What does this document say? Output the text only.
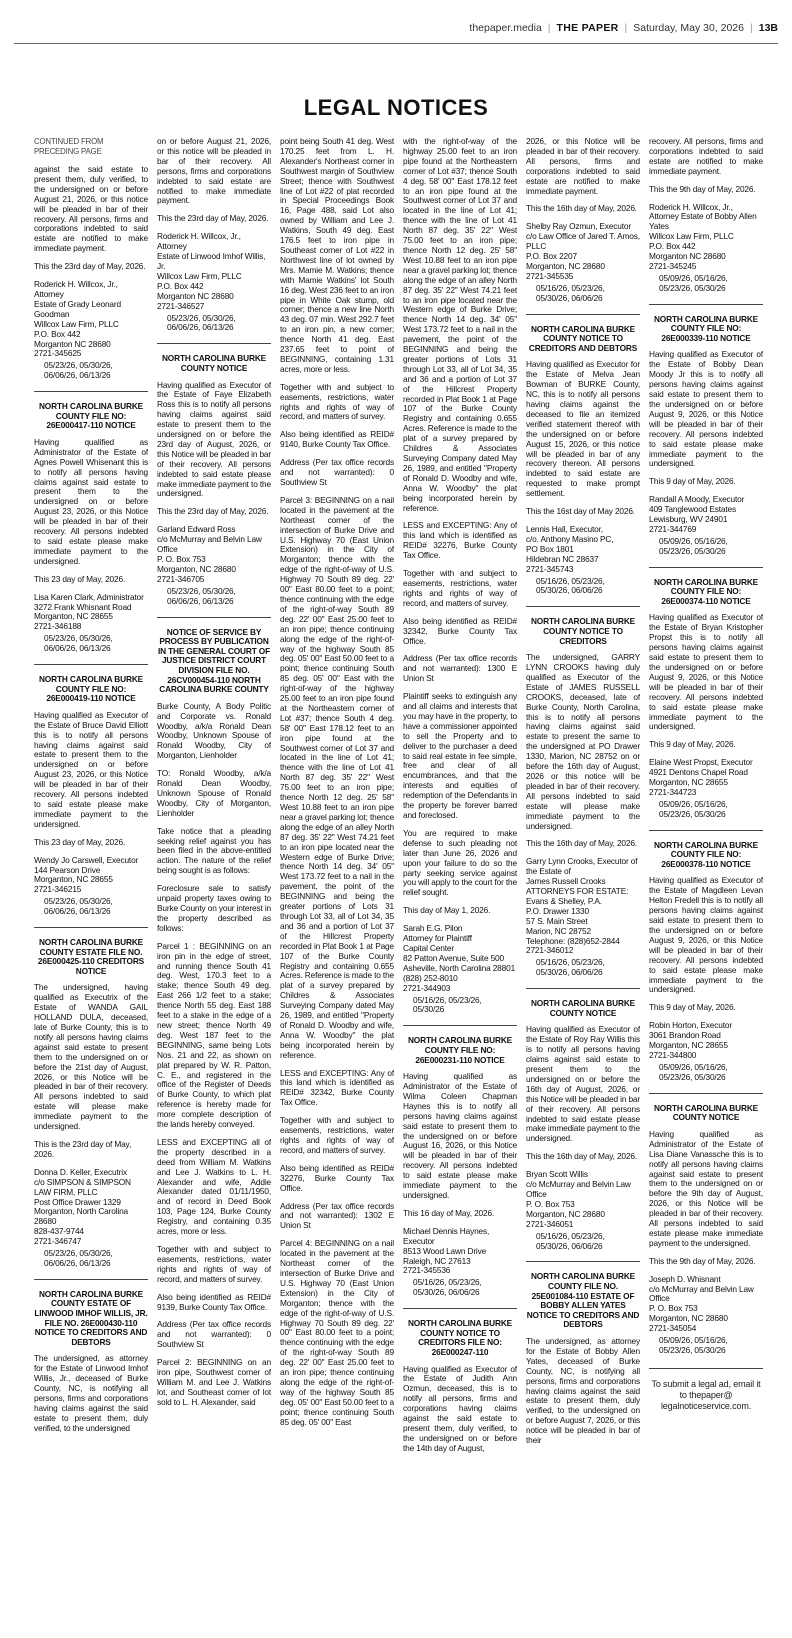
thepaper.media | THE PAPER | Saturday, May 30, 2026 | 13B
LEGAL NOTICES
CONTINUED FROM PRECEDING PAGE

against the said estate to present them, duly verified, to the undersigned on or before August 21, 2026, or this notice will be pleaded in bar of their recovery. All persons, firms and corporations indebted to said estate are notified to make immediate payment.

This the 23rd day of May, 2026.

Roderick H. Willcox, Jr., Attorney
Estate of Grady Leonard Goodman
Willcox Law Firm, PLLC
P.O. Box 442
Morganton NC 28680
2721-345625
05/23/26, 05/30/26,
06/06/26, 06/13/26
NORTH CAROLINA BURKE COUNTY FILE NO: 26E000417-110 NOTICE

Having qualified as Administrator of the Estate of Agnes Powell Whisenant this is to notify all persons having claims against said estate to present them to the undersigned on or before August 23, 2026, or this Notice will be pleaded in bar of their recovery. All persons indebted to said estate please make immediate payment to the undersigned.

This 23 day of May, 2026.

Lisa Karen Clark, Administrator
3272 Frank Whisnant Road
Morganton, NC 28655
2721-346188
05/23/26, 05/30/26,
06/06/26, 06/13/26
NORTH CAROLINA BURKE COUNTY FILE NO: 26E000419-110 NOTICE

Having qualified as Executor of the Estate of Bruce David Elliott this is to notify all persons having claims against said estate to present them to the undersigned on or before August 23, 2026, or this Notice will be pleaded in bar of their recovery. All persons indebted to said estate please make immediate payment to the undersigned.

This 23 day of May, 2026.

Wendy Jo Carswell, Executor
144 Pearson Drive
Morganton, NC 28655
2721-346215
05/23/26, 05/30/26,
06/06/26, 06/13/26
NORTH CAROLINA BURKE COUNTY ESTATE FILE NO. 26E000425-110 CREDITORS NOTICE

The undersigned, having qualified as Executrix of the Estate of WANDA GAIL HOLLAND DULA, deceased, late of Burke County, this is to notify all persons having claims against said estate to present them to the undersigned on or before the 21st day of August, 2026, or this Notice will be pleaded in bar of their recovery. All persons indebted to said estate will please make immediate payment to the undersigned.

This is the 23rd day of May, 2026.

Donna D. Keller, Executrix
c/o SIMPSON & SIMPSON LAW FIRM, PLLC
Post Office Drawer 1329
Morganton, North Carolina 28680
828-437-9744
2721-346747
05/23/26, 05/30/26,
06/06/26, 06/13/26
NORTH CAROLINA BURKE COUNTY ESTATE OF LINWOOD IMHOF WILLIS, JR. FILE NO. 26E000430-110 NOTICE TO CREDITORS AND DEBTORS

The undersigned, as attorney for the Estate of Linwood Imhof Willis, Jr., deceased of Burke County, NC, is notifying all persons, firms and corporations having claims against the said estate to present them, duly verified, to the undersigned

on or before August 21, 2026, or this notice will be pleaded in bar of their recovery. All persons, firms and corporations indebted to said estate are notified to make immediate payment.

This the 23rd day of May, 2026.

Roderick H. Willcox, Jr., Attorney
Estate of Linwood Imhof Willis, Jr.
Willcox Law Firm, PLLC
P.O. Box 442
Morganton NC 28680
2721-346527
05/23/26, 05/30/26,
06/06/26, 06/13/26
NORTH CAROLINA BURKE COUNTY NOTICE

Having qualified as Executor of the Estate of Faye Elizabeth Ross this is to notify all persons having claims against said estate to present them to the undersigned on or before the 23rd day of August, 2026, or this Notice will be pleaded in bar of their recovery. All persons indebted to said estate please make immediate payment to the undersigned.

This the 23rd day of May, 2026.

Garland Edward Ross
c/o McMurray and Belvin Law Office
P. O. Box 753
Morganton, NC 28680
2721-346705
05/23/26, 05/30/26,
06/06/26, 06/13/26
NOTICE OF SERVICE BY PROCESS BY PUBLICATION IN THE GENERAL COURT OF JUSTICE DISTRICT COURT DIVISION FILE NO. 26CV000454-110 NORTH CAROLINA BURKE COUNTY

Burke County, A Body Politic and Corporate vs. Ronald Woodby, a/k/a Ronald Dean Woodby, Unknown Spouse of Ronald Woodby, City of Morganton, Lienholder

TO: Ronald Woodby, a/k/a Ronald Dean Woodby, Unknown Spouse of Ronald Woodby, City of Morganton, Lienholder

Take notice that a pleading seeking relief against you has been filed in the above-entitled action. The nature of the relief being sought is as follows:

Foreclosure sale to satisfy unpaid property taxes owing to Burke County on your interest in the property described as follows:

Parcel 1 : BEGINNING on an iron pin in the edge of street, and running thence South 41 deg. West, 170.3 feet to a stake; thence South 49 deg. East 266 1/2 feet to a stake; thence North 55 deg. East 188 feet to a stake in the edge of a new street; thence North 49 deg. West 187 feet to the BEGINNING, same being Lots Nos. 21 and 22, as shown on plat prepared by W. R. Patton, C. E., and registered in the office of the Register of Deeds of Burke County, to which plat reference is hereby made for more complete description of the lands hereby conveyed.

LESS and EXCEPTING all of the property described in a deed from William M. Watkins and Lee J. Watkins to L. H. Alexander and wife, Addie Alexander dated 01/11/1950, and of record in Deed Book 103, Page 124, Burke County Registry, and containing 0.35 acres, more or less.

Together with and subject to easements, restrictions, water rights and rights of way of record, and matters of survey.

Also being identified as REID# 9139, Burke County Tax Office.

Address (Per tax office records and not warranted): 0 Southview St

Parcel 2: BEGINNING on an iron pipe, Southwest corner of William M. and Lee J. Watkins lot, and Southeast corner of lot sold to L. H. Alexander, said

point being South 41 deg. West 170.25 feet from L. H. Alexander's Northeast corner in Southwest margin of Southview Street; thence with Southwest line of Lot #22 of plat recorded in Special Proceedings Book 16, Page 488, said Lot also owned by William and Lee J. Watkins, South 49 deg. East 176.5 feet to iron pipe in Southeast corner of Lot #22 in Northwest line of lot owned by Mrs. Mamie M. Watkins; thence with Mamie Watkins' lot South 16 deg. West 236 feet to an iron pipe in White Oak stump, old corner; thence a new line North 43 deg. 07 min. West 292.7 feet to an iron pin, a new corner; thence North 41 deg. East 237.65 feet to point of BEGINNING, containing 1.31 acres, more or less.

Together with and subject to easements, restrictions, water rights and rights of way of record, and matters of survey.

Also being identified as REID# 9140, Burke County Tax Office.

Address (Per tax office records and not warranted): 0 Southview St

Parcel 3: BEGINNING on a nail located in the pavement at the Northeast corner of the intersection of Burke Drive and U.S. Highway 70 (East Union Extension) in the City of Morganton; thence with the edge of the right-of-way of U.S. Highway 70 South 89 deg. 22' 00" East 80.00 feet to a point; thence continuing with the edge of the right-of-way South 89 deg. 22' 00" East 25.00 feet to an iron pipe; thence continuing along the edge of the right-of-way of the highway South 85 deg. 05' 00" East 50.00 feet to a point; thence continuing South 85 deg. 05' 00" East with the right-of-way of the highway 25.00 feet to an iron pipe found at the Northeastern corner of Lot #37; thence South 4 deg. 58' 00" East 178.12 feet to an iron pipe found at the Southwest corner of Lot 37 and located in the line of Lot 41; thence with the line of Lot 41 North 87 deg. 35' 22" West 75.00 feet to an iron pipe; thence North 12 deg. 25' 58" West 10.88 feet to an iron pipe near a gravel parking lot; thence along the edge of an alley North 87 deg. 35' 22" West 74.21 feet to an iron pipe located near the Western edge of Burke Drive; thence North 14 deg. 34' 05" West 173.72 feet to a nail in the pavement, the point of the BEGINNING and being the greater portions of Lots 31 through Lot 33, all of Lot 34, 35 and 36 and a portion of Lot 37 of the Hillcrest Property recorded in Plat Book 1 at Page 107 of the Burke County Registry and containing 0.655 Acres. Reference is made to the plat of a survey prepared by Childres & Associates Surveying Company dated May 26, 1989, and entitled "Property of Ronald D. Woodby and wife, Anna W. Woodby" the plat being incorporated herein by reference.

LESS and EXCEPTING: Any of this land which is identified as REID# 32342, Burke County Tax Office.

Together with and subject to easements, restrictions, water rights and rights of way of record, and matters of survey.

Also being identified as REID# 32276, Burke County Tax Office.

Address (Per tax office records and not warranted): 1302 E Union St

Parcel 4: BEGINNING on a nail located in the pavement at the Northeast corner of the intersection of Burke Drive and U.S. Highway 70 (East Union Extension) in the City of Morganton; thence with the edge of the right-of-way of U.S. Highway 70 South 89 deg. 22' 00" East 80.00 feet to a point; thence continuing with the edge of the right-of-way South 89 deg. 22' 00" East 25.00 feet to an iron pipe; thence continuing along the edge of the right-of-way of the highway South 85 deg. 05' 00" East 50.00 feet to a point; thence continuing South 85 deg. 05' 00" East

with the right-of-way of the highway 25.00 feet to an iron pipe found at the Northeastern corner of Lot #37; thence South 4 deg. 58' 00" East 178.12 feet to an iron pipe found at the Southwest corner of Lot 37 and located in the line of Lot 41; thence with the line of Lot 41 North 87 deg. 35' 22" West 75.00 feet to an iron pipe; thence North 12 deg. 25' 58" West 10.88 feet to an iron pipe near a gravel parking lot; thence along the edge of an alley North 87 deg. 35' 22" West 74.21 feet to an iron pipe located near the Western edge of Burke Drive; thence North 14 deg. 34' 05" West 173.72 feet to a nail in the pavement, the point of the BEGINNING and being the greater portions of Lots 31 through Lot 33, all of Lot 34, 35 and 36 and a portion of Lot 37 of the Hillcrest Property recorded in Plat Book 1 at Page 107 of the Burke County Registry and containing 0.655 Acres. Reference is made to the plat of a survey prepared by Childres & Associates Surveying Company dated May 26, 1989, and entitled "Property of Ronald D. Woodby and wife, Anna W. Woodby" the plat being incorporated herein by reference.

LESS and EXCEPTING: Any of this land which is identified as REID# 32276, Burke County Tax Office.

Together with and subject to easements, restrictions, water rights and rights of way of record, and matters of survey.

Also being identified as REID# 32342, Burke County Tax Office.

Address (Per tax office records and not warranted): 1300 E Union St

Plaintiff seeks to extinguish any and all claims and interests that you may have in the property, to have a commissioner appointed to sell the Property and to deliver to the purchaser a deed to said real estate in fee simple, free and clear of all encumbrances, and that the interests and equities of redemption of the Defendants in the property be forever barred and foreclosed.

You are required to make defense to such pleading not later than June 26, 2026 and upon your failure to do so the party seeking service against you will apply to the court for the relief sought.

This day of May 1, 2026.

Sarah E.G. Pilon
Attorney for Plaintiff
Capital Center
82 Patton Avenue, Suite 500
Asheville, North Carolina 28801
(828) 252-8010
2721-344903
05/16/26, 05/23/26,
05/30/26
NORTH CAROLINA BURKE COUNTY FILE NO: 26E000231-110 NOTICE

Having qualified as Administrator of the Estate of Wilma Coleen Chapman Haynes this is to notify all persons having claims against said estate to present them to the undersigned on or before August 16, 2026, or this Notice will be pleaded in bar of their recovery. All persons indebted to said estate please make immediate payment to the undersigned.

This 16 day of May, 2026.

Michael Dennis Haynes, Executor
8513 Wood Lawn Drive
Raleigh, NC 27613
2721-345536
05/16/26, 05/23/26,
05/30/26, 06/06/26
NORTH CAROLINA BURKE COUNTY NOTICE TO CREDITORS FILE NO: 26E000247-110

Having qualified as Executor of the Estate of Judith Ann Ozmun, deceased, this is to notify all persons, firms and corporations having claims against the said estate to present them, duly verified, to the undersigned on or before the 14th day of August,

2026, or this Notice will be pleaded in bar of their recovery. All persons, firms and corporations indebted to said estate are notified to make immediate payment.

This the 16th day of May, 2026.

Shelby Ray Ozmun, Executor
c/o Law Office of Jared T. Amos, PLLC
P.O. Box 2207
Morganton, NC 28680
2721-345535
05/16/26, 05/23/26,
05/30/26, 06/06/26
NORTH CAROLINA BURKE COUNTY NOTICE TO CREDITORS AND DEBTORS

Having qualified as Executor for the Estate of Melva Jean Bowman of BURKE County, NC, this is to notify all persons having claims against the deceased to file an itemized verified statement thereof with the undersigned on or before August 15, 2026, or this notice will be pleaded in bar of any recovery thereon. All persons indebted to said estate are requested to make prompt settlement.

This the 16st day of May 2026.

Lennis Hall, Executor,
c/o. Anthony Masino PC,
PO Box 1801
Hildebran NC 28637
2721-345743
05/16/26, 05/23/26,
05/30/26, 06/06/26
NORTH CAROLINA BURKE COUNTY NOTICE TO CREDITORS

The undersigned, GARRY LYNN CROOKS having duly qualified as Executor of the Estate of JAMES RUSSELL CROOKS, deceased, late of Burke County, North Carolina, this is to notify all persons having claims against said estate to present the same to the undersigned at PO Drawer 1330, Marion, NC 28752 on or before the 16th day of August, 2026 or this notice will be pleaded in bar of their recovery. All persons indebted to said estate will please make immediate payment to the undersigned.

This the 16th day of May, 2026.

Garry Lynn Crooks, Executor of the Estate of
James Russell Crooks
ATTORNEYS FOR ESTATE:
Evans & Shelley, P.A.
P.O. Drawer 1330
57 S. Main Street
Marion, NC 28752
Telephone: (828)652-2844
2721-346012
05/16/26, 05/23/26,
05/30/26, 06/06/26
NORTH CAROLINA BURKE COUNTY NOTICE

Having qualified as Executor of the Estate of Roy Ray Willis this is to notify all persons having claims against said estate to present them to the undersigned on or before the 16th day of August, 2026, or this Notice will be pleaded in bar of their recovery. All persons indebted to said estate please make immediate payment to the undersigned.

This the 16th day of May, 2026.

Bryan Scott Willis
c/o McMurray and Belvin Law Office
P. O. Box 753
Morganton, NC 28680
2721-346051
05/16/26, 05/23/26,
05/30/26, 06/06/26
NORTH CAROLINA BURKE COUNTY FILE NO. 25E001084-110 ESTATE OF BOBBY ALLEN YATES NOTICE TO CREDITORS AND DEBTORS

The undersigned, as attorney for the Estate of Bobby Allen Yates, deceased of Burke County, NC, is notifying all persons, firms and corporations having claims against the said estate to present them, duly verified, to the undersigned on or before August 7, 2026, or this notice will be pleaded in bar of their

recovery. All persons, firms and corporations indebted to said estate are notified to make immediate payment.

This the 9th day of May, 2026.

Roderick H. Willcox, Jr., Attorney Estate of Bobby Allen Yates
Willcox Law Firm, PLLC
P.O. Box 442
Morganton NC 28680
2721-345245
05/09/26, 05/16/26,
05/23/26, 05/30/26
NORTH CAROLINA BURKE COUNTY FILE NO: 26E000339-110 NOTICE

Having qualified as Executor of the Estate of Bobby Dean Moody Jr this is to notify all persons having claims against said estate to present them to the undersigned on or before August 9, 2026, or this Notice will be pleaded in bar of their recovery. All persons indebted to said estate please make immediate payment to the undersigned.

This 9 day of May, 2026.

Randall A Moody, Executor
409 Tanglewood Estates
Lewisburg, WV 24901
2721-344769
05/09/26, 05/16/26,
05/23/26, 05/30/26
NORTH CAROLINA BURKE COUNTY FILE NO: 26E000374-110 NOTICE

Having qualified as Executor of the Estate of Bryan Kristopher Propst this is to notify all persons having claims against said estate to present them to the undersigned on or before August 9, 2026, or this Notice will be pleaded in bar of their recovery. All persons indebted to said estate please make immediate payment to the undersigned.

This 9 day of May, 2026.

Elaine West Propst, Executor
4921 Dentons Chapel Road
Morganton, NC 28655
2721-344723
05/09/26, 05/16/26,
05/23/26, 05/30/26
NORTH CAROLINA BURKE COUNTY FILE NO: 26E000378-110 NOTICE

Having qualified as Executor of the Estate of Magdleen Levan Helton Fredell this is to notify all persons having claims against said estate to present them to the undersigned on or before August 9, 2026, or this Notice will be pleaded in bar of their recovery. All persons indebted to said estate please make immediate payment to the undersigned.

This 9 day of May, 2026.

Robin Horton, Executor
3061 Brandon Road
Morganton, NC 28655
2721-344800
05/09/26, 05/16/26,
05/23/26, 05/30/26
NORTH CAROLINA BURKE COUNTY NOTICE

Having qualified as Administrator of the Estate of Lisa Diane Vanassche this is to notify all persons having claims against said estate to present them to the undersigned on or before the 9th day of August, 2026, or this Notice will be pleaded in bar of their recovery. All persons indebted to said estate please make immediate payment to the undersigned.

This the 9th day of May, 2026.

Joseph D. Whisnant
c/o McMurray and Belvin Law Office
P. O. Box 753
Morganton, NC 28680
2721-345054
05/09/26, 05/16/26,
05/23/26, 05/30/26
To submit a legal ad, email it to thepaper@ legalnoticeservice.com.
